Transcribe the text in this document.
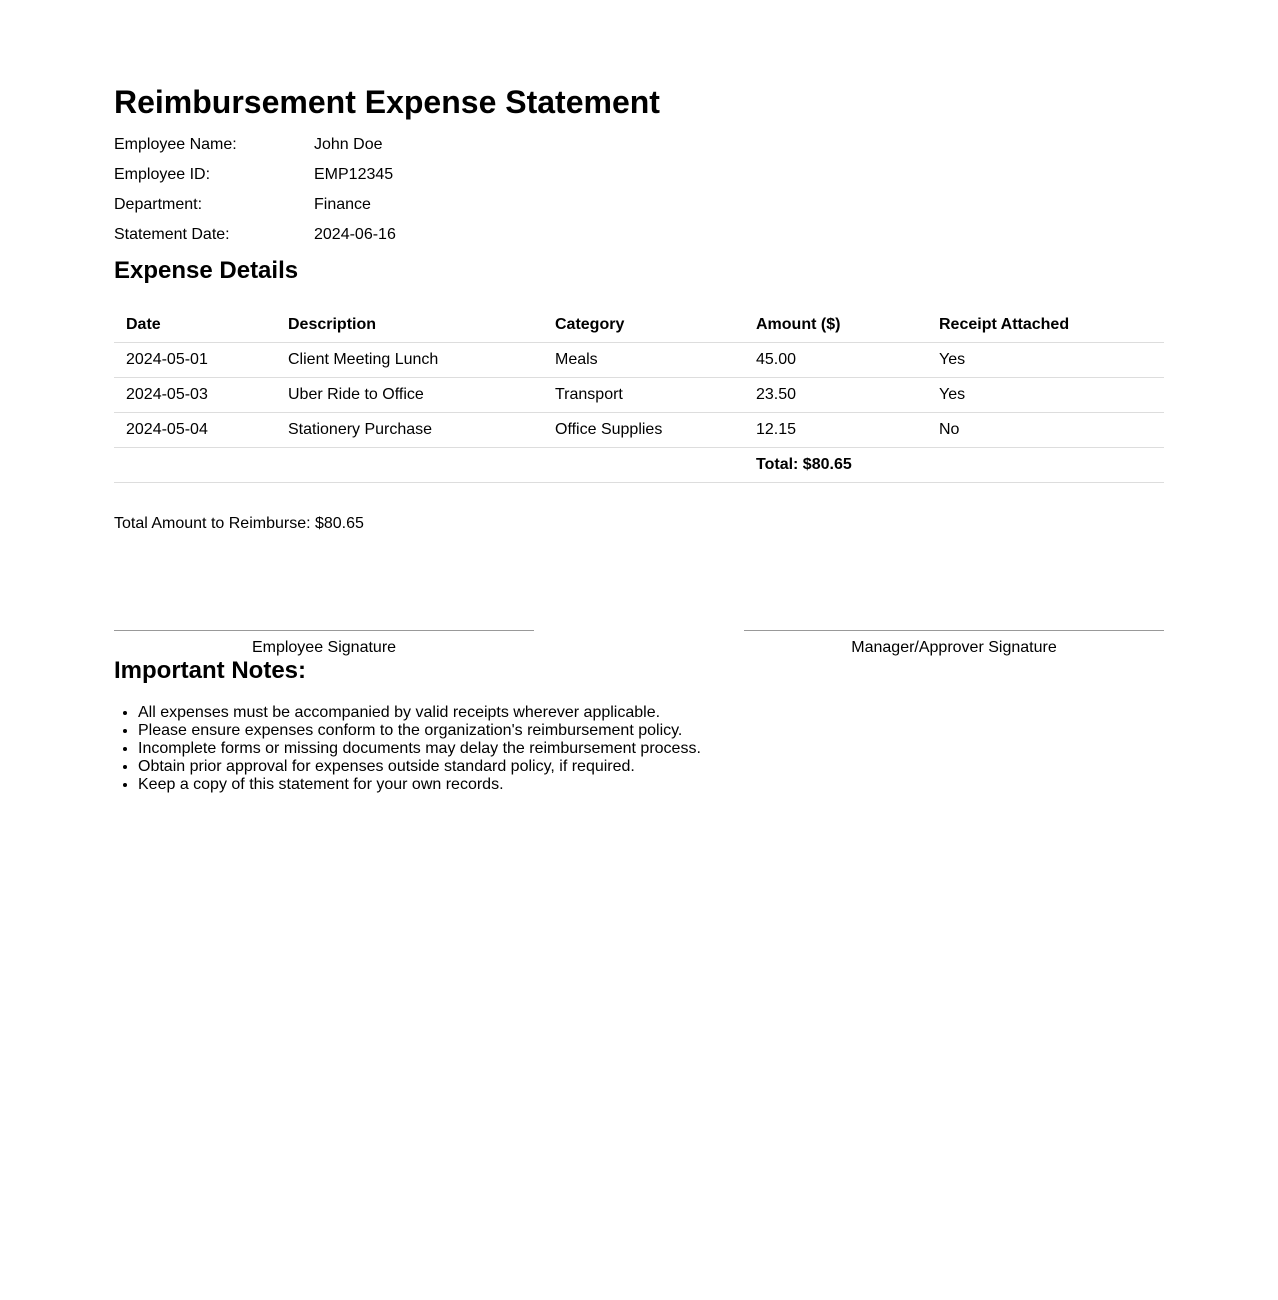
Reimbursement Expense Statement
Employee Name:	John Doe
Employee ID:	EMP12345
Department:	Finance
Statement Date:	2024-06-16
Expense Details
Date	Description	Category	Amount ($)	Receipt Attached
2024-05-01	Client Meeting Lunch	Meals	45.00	Yes
2024-05-03	Uber Ride to Office	Transport	23.50	Yes
2024-05-04	Stationery Purchase	Office Supplies	12.15	No
			Total: $80.65	
Total Amount to Reimburse: $80.65
Employee Signature	Manager/Approver Signature
Important Notes:
• All expenses must be accompanied by valid receipts wherever applicable.
• Please ensure expenses conform to the organization's reimbursement policy.
• Incomplete forms or missing documents may delay the reimbursement process.
• Obtain prior approval for expenses outside standard policy, if required.
• Keep a copy of this statement for your own records.
